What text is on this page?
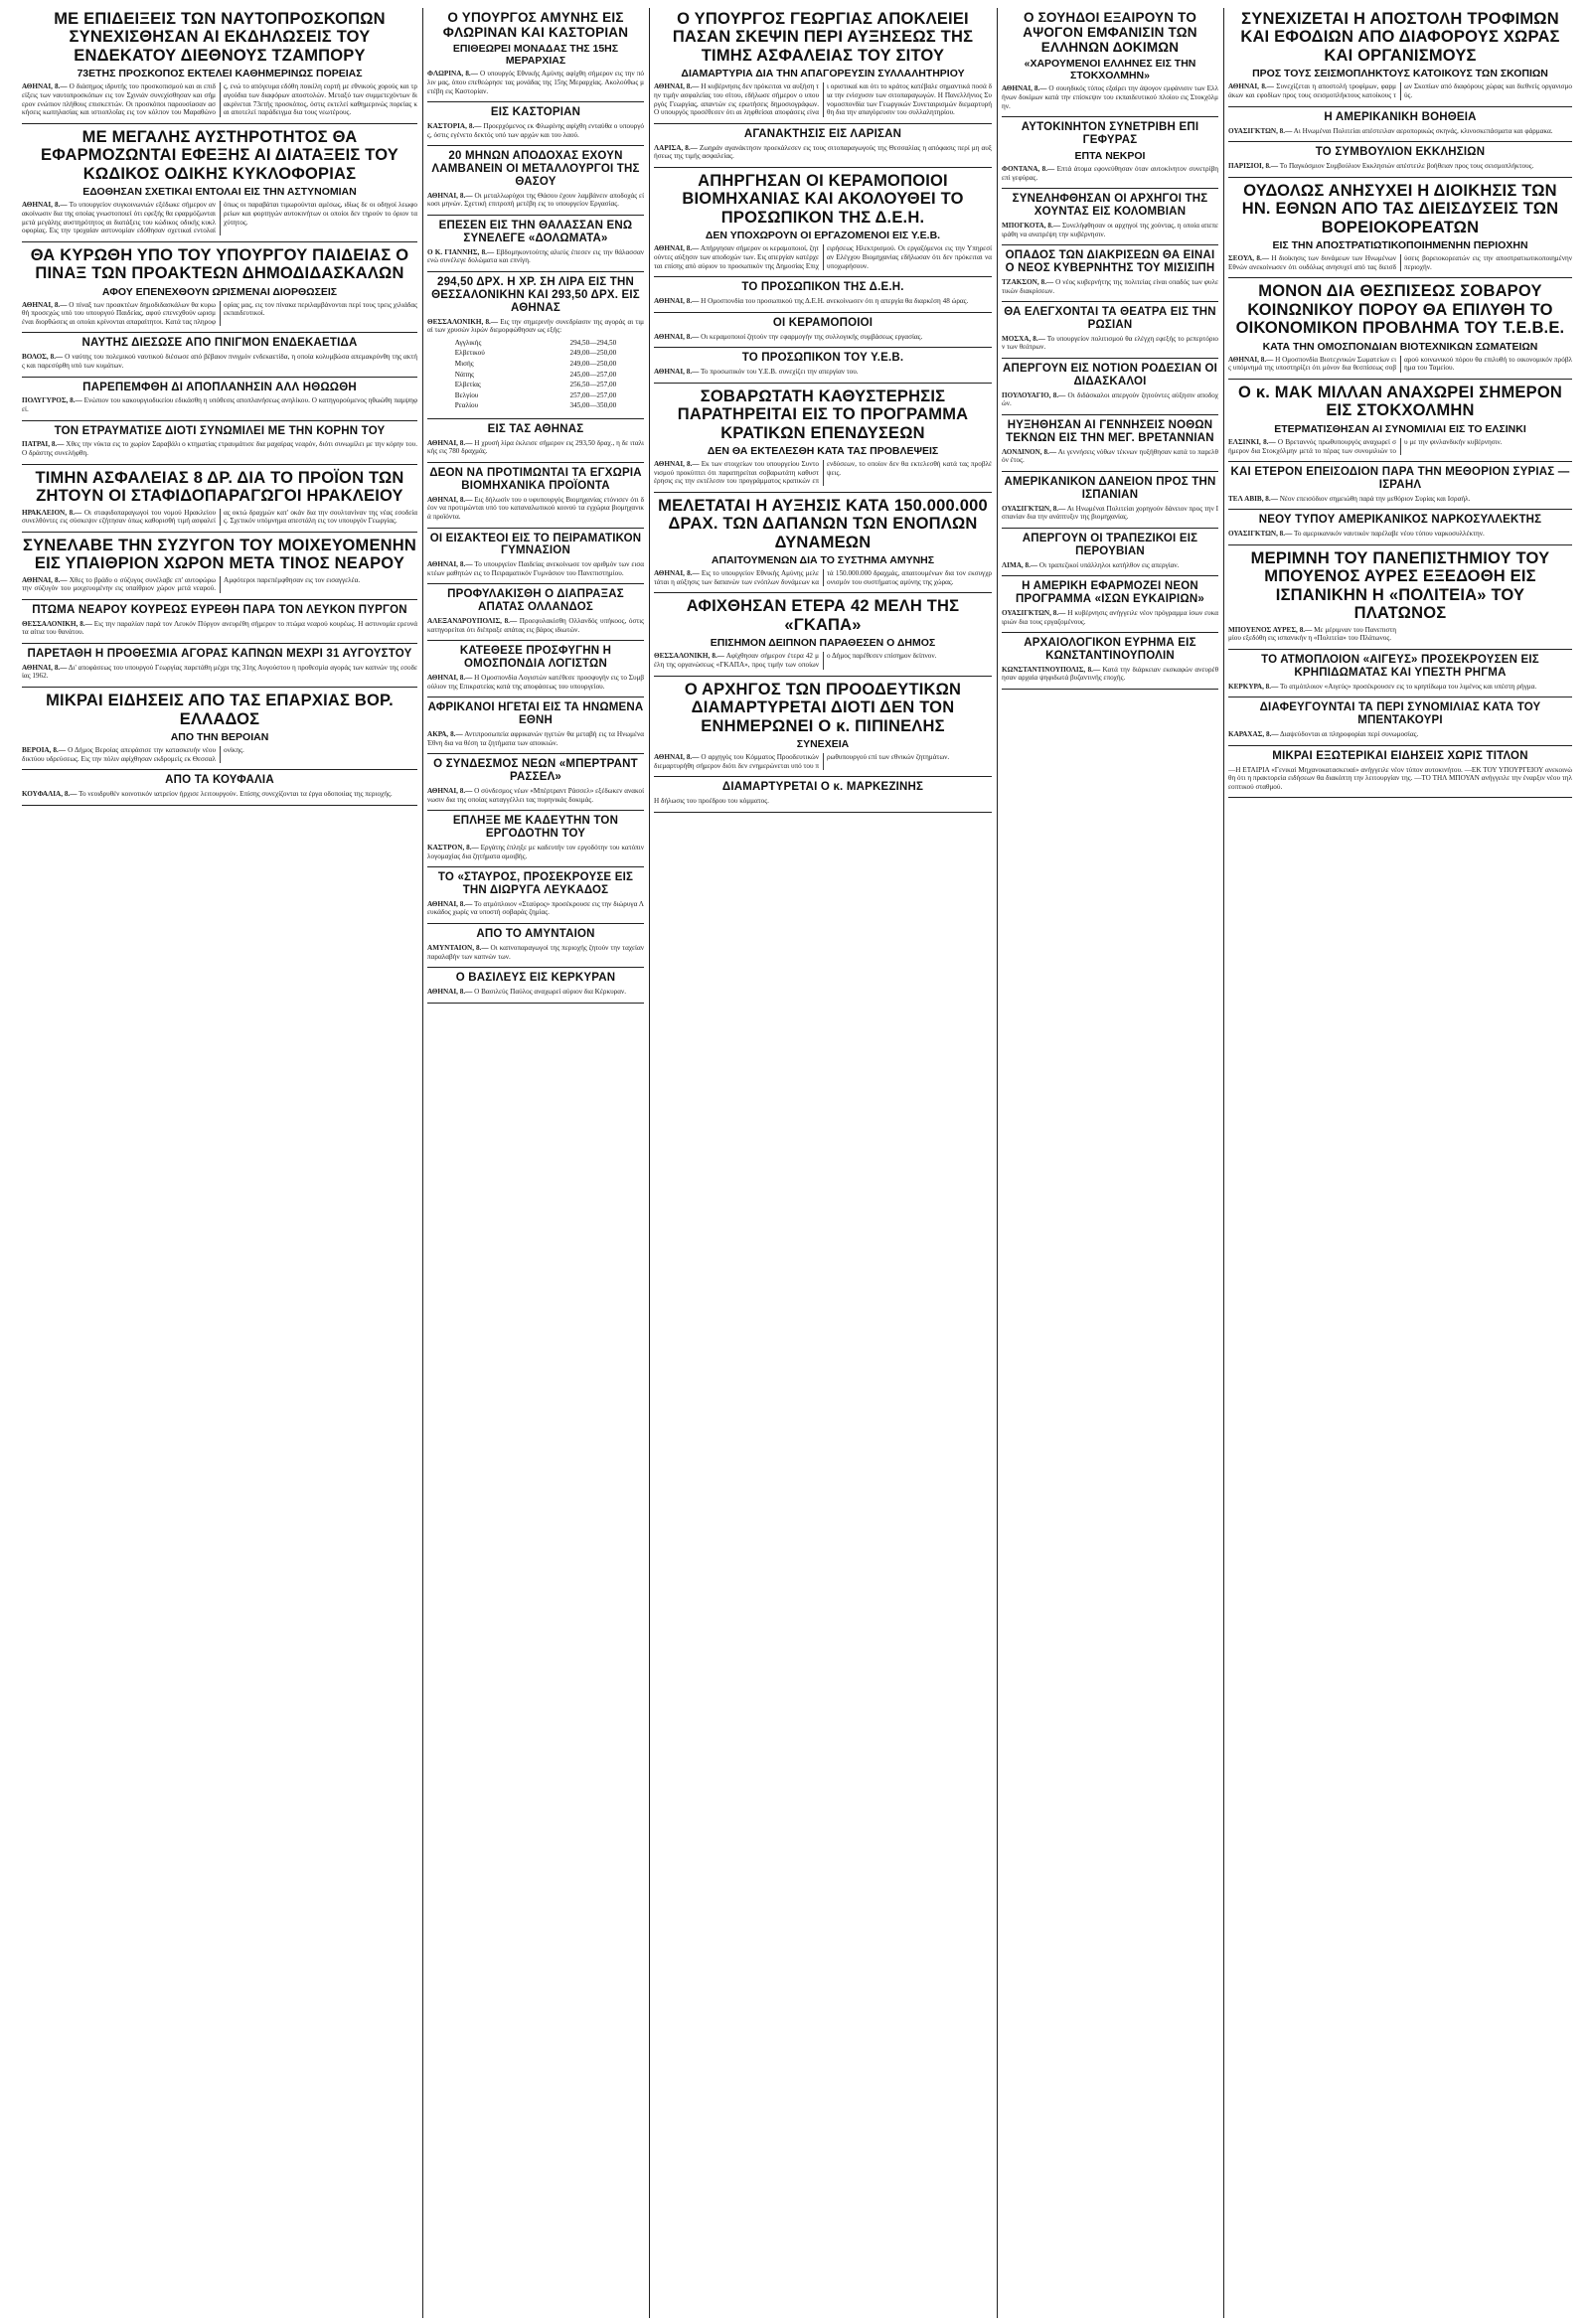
ΜΕ ΕΠΙΔΕΙΞΕΙΣ ΤΩΝ ΝΑΥΤΟΠΡΟΣΚΟΠΩΝ ΣΥΝΕΧΙΣΘΗΣΑΝ ΑΙ ΕΚΔΗΛΩΣΕΙΣ ΤΟΥ ΕΝΔΕΚΑΤΟΥ ΔΙΕΘΝΟΥΣ ΤΖΑΜΠΟΡΥ
73ΕΤΗΣ ΠΡΟΣΚΟΠΟΣ ΕΚΤΕΛΕΙ ΚΑΘΗΜΕΡΙΝΩΣ ΠΟΡΕΙΑΣ
ΑΘΗΝΑΙ, 8.— Ο διάσημος ιδρυτής του προσκοπισμού και αι επιδείξεις των ναυτοπροσκόπων εις τον Σχινιάν συνεχίσθησαν και σήμερον ενώπιον πλήθους επισκεπτών. Οι προσκόποι παρουσίασαν ασκήσεις κωπηλασίας και ιστιοπλοΐας εις τον κόλπον του Μαραθώνος, ενώ το απόγευμα εδόθη ποικίλη εορτή με εθνικούς χορούς και τραγούδια των διαφόρων αποστολών. Μεταξύ των συμμετεχόντων διακρίνεται 73ετής προσκόπος, όστις εκτελεί καθημερινώς πορείας και αποτελεί παράδειγμα δια τους νεωτέρους.
ΜΕ ΜΕΓΑΛΗΣ ΑΥΣΤΗΡΟΤΗΤΟΣ ΘΑ ΕΦΑΡΜΟΖΩΝΤΑΙ ΕΦΕΞΗΣ ΑΙ ΔΙΑΤΑΞΕΙΣ ΤΟΥ ΚΩΔΙΚΟΣ ΟΔΙΚΗΣ ΚΥΚΛΟΦΟΡΙΑΣ
ΕΔΟΘΗΣΑΝ ΣΧΕΤΙΚΑΙ ΕΝΤΟΛΑΙ ΕΙΣ ΤΗΝ ΑΣΤΥΝΟΜΙΑΝ
ΑΘΗΝΑΙ, 8.— Το υπουργείον συγκοινωνιών εξέδωκε σήμερον ανακοίνωσιν δια της οποίας γνωστοποιεί ότι εφεξής θα εφαρμόζωνται μετά μεγάλης αυστηρότητος αι διατάξεις του κώδικος οδικής κυκλοφορίας. Εις την τροχαίαν αστυνομίαν εδόθησαν σχετικαί εντολαί όπως οι παραβάται τιμωρούνται αμέσως, ιδίως δε οι οδηγοί λεωφορείων και φορτηγών αυτοκινήτων οι οποίοι δεν τηρούν το όριον ταχύτητος.
ΘΑ ΚΥΡΩΘΗ ΥΠΟ ΤΟΥ ΥΠΟΥΡΓΟΥ ΠΑΙΔΕΙΑΣ Ο ΠΙΝΑΞ ΤΩΝ ΠΡΟΑΚΤΕΩΝ ΔΗΜΟΔΙΔΑΣΚΑΛΩΝ
ΑΦΟΥ ΕΠΕΝΕΧΘΟΥΝ ΩΡΙΣΜΕΝΑΙ ΔΙΟΡΘΩΣΕΙΣ
ΑΘΗΝΑΙ, 8.— Ο πίναξ των προακτέων δημοδιδασκάλων θα κυρωθή προσεχώς υπό του υπουργού Παιδείας, αφού επενεχθούν ωρισμέναι διορθώσεις αι οποίαι κρίνονται απαραίτητοι. Κατά τας πληροφορίας μας, εις τον πίνακα περιλαμβάνονται περί τους τρεις χιλιάδας εκπαιδευτικοί.
ΝΑΥΤΗΣ ΔΙΕΣΩΣΕ ΑΠΟ ΠΝΙΓΜΟΝ ΕΝΔΕΚΑΕΤΙΔΑ
ΒΟΛΟΣ, 8.— Ο ναύτης του πολεμικού ναυτικού διέσωσε από βέβαιον πνιγμόν ενδεκαετίδα, η οποία κολυμβώσα απεμακρύνθη της ακτής και παρεσύρθη υπό των κυμάτων.
ΠΑΡΕΠΕΜΦΘΗ ΔΙ ΑΠΟΠΛΑΝΗΣΙΝ ΑΛΛ ΗΘΩΩΘΗ
ΠΟΛΥΓΥΡΟΣ, 8.— Ενώπιον του κακουργιοδικείου εδικάσθη η υπόθεσις αποπλανήσεως ανηλίκου. Ο κατηγορούμενος ηθωώθη παμψηφεί.
ΤΟΝ ΕΤΡΑΥΜΑΤΙΣΕ ΔΙΟΤΙ ΣΥΝΩΜΙΛΕΙ ΜΕ ΤΗΝ ΚΟΡΗΝ ΤΟΥ
ΠΑΤΡΑΙ, 8.— Χθες την νύκτα εις το χωρίον Σαραβάλι ο κτηματίας ετραυμάτισε δια μαχαίρας νεαρόν, διότι συνωμίλει με την κόρην του. Ο δράστης συνελήφθη.
ΤΙΜΗΝ ΑΣΦΑΛΕΙΑΣ 8 ΔΡ. ΔΙΑ ΤΟ ΠΡΟΪΟΝ ΤΩΝ ΖΗΤΟΥΝ ΟΙ ΣΤΑΦΙΔΟΠΑΡΑΓΩΓΟΙ ΗΡΑΚΛΕΙΟΥ
ΗΡΑΚΛΕΙΟΝ, 8.— Οι σταφιδοπαραγωγοί του νομού Ηρακλείου συνελθόντες εις σύσκεψιν εζήτησαν όπως καθορισθή τιμή ασφαλείας οκτώ δραχμών κατ' οκάν δια την σουλτανίναν της νέας εσοδείας. Σχετικόν υπόμνημα απεστάλη εις τον υπουργόν Γεωργίας.
ΣΥΝΕΛΑΒΕ ΤΗΝ ΣΥΖΥΓΟΝ ΤΟΥ ΜΟΙΧΕΥΟΜΕΝΗΝ ΕΙΣ ΥΠΑΙΘΡΙΟΝ ΧΩΡΟΝ ΜΕΤΑ ΤΙΝΟΣ ΝΕΑΡΟΥ
ΑΘΗΝΑΙ, 8.— Χθες το βράδυ ο σύζυγος συνέλαβε επ' αυτοφώρω την σύζυγόν του μοιχευομένην εις υπαίθριον χώρον μετά νεαρού. Αμφότεροι παρεπέμφθησαν εις τον εισαγγελέα.
ΠΤΩΜΑ ΝΕΑΡΟΥ ΚΟΥΡΕΩΣ ΕΥΡΕΘΗ ΠΑΡΑ ΤΟΝ ΛΕΥΚΟΝ ΠΥΡΓΟΝ
ΘΕΣΣΑΛΟΝΙΚΗ, 8.— Εις την παραλίαν παρά τον Λευκόν Πύργον ανευρέθη σήμερον το πτώμα νεαρού κουρέως. Η αστυνομία ερευνά τα αίτια του θανάτου.
ΠΑΡΕΤΑΘΗ Η ΠΡΟΘΕΣΜΙΑ ΑΓΟΡΑΣ ΚΑΠΝΩΝ ΜΕΧΡΙ 31 ΑΥΓΟΥΣΤΟΥ
ΑΘΗΝΑΙ, 8.— Δι' αποφάσεως του υπουργού Γεωργίας παρετάθη μέχρι της 31ης Αυγούστου η προθεσμία αγοράς των καπνών της εσοδείας 1962.
ΜΙΚΡΑΙ ΕΙΔΗΣΕΙΣ ΑΠΟ ΤΑΣ ΕΠΑΡΧΙΑΣ ΒΟΡ. ΕΛΛΑΔΟΣ
ΑΠΟ ΤΗΝ ΒΕΡΟΙΑΝ
ΒΕΡΟΙΑ, 8.— Ο Δήμος Βεροίας απεφάσισε την κατασκευήν νέου δικτύου υδρεύσεως. Εις την πόλιν αφίχθησαν εκδρομείς εκ Θεσσαλονίκης.
ΑΠΟ ΤΑ ΚΟΥΦΑΛΙΑ
ΚΟΥΦΑΛΙΑ, 8.— Το νεοιδρυθέν κοινοτικόν ιατρείον ήρχισε λειτουργούν. Επίσης συνεχίζονται τα έργα οδοποιίας της περιοχής.
Ο ΥΠΟΥΡΓΟΣ ΑΜΥΝΗΣ ΕΙΣ ΦΛΩΡΙΝΑΝ ΚΑΙ ΚΑΣΤΟΡΙΑΝ
ΕΠΙΘΕΩΡΕΙ ΜΟΝΑΔΑΣ ΤΗΣ 15ΗΣ ΜΕΡΑΡΧΙΑΣ
ΦΛΩΡΙΝΑ, 8.— Ο υπουργός Εθνικής Αμύνης αφίχθη σήμερον εις την πόλιν μας, όπου επεθεώρησε τας μονάδας της 15ης Μεραρχίας. Ακολούθως μετέβη εις Καστορίαν.
ΕΙΣ ΚΑΣΤΟΡΙΑΝ
ΚΑΣΤΟΡΙΑ, 8.— Προερχόμενος εκ Φλωρίνης αφίχθη ενταύθα ο υπουργός, όστις εγένετο δεκτός υπό των αρχών και του λαού.
20 ΜΗΝΩΝ ΑΠΟΔΟΧΑΣ ΕΧΟΥΝ ΛΑΜΒΑΝΕΙΝ ΟΙ ΜΕΤΑΛΛΟΥΡΓΟΙ ΤΗΣ ΘΑΣΟΥ
ΑΘΗΝΑΙ, 8.— Οι μεταλλωρύχοι της Θάσου έχουν λαμβάνειν αποδοχάς είκοσι μηνών. Σχετική επιτροπή μετέβη εις το υπουργείον Εργασίας.
ΕΠΕΣΕΝ ΕΙΣ ΤΗΝ ΘΑΛΑΣΣΑΝ ΕΝΩ ΣΥΝΕΛΕΓΕ «ΔΟΛΩΜΑΤΑ»
Ο Κ. ΓΙΑΝΝΗΣ, 8.— Εβδομηκοντούτης αλιεύς έπεσεν εις την θάλασσαν ενώ συνέλεγε δολώματα και επνίγη.
294,50 ΔΡΧ. Η ΧΡ. ΣΗ ΛΙΡΑ ΕΙΣ ΤΗΝ ΘΕΣΣΑΛΟΝΙΚΗΝ ΚΑΙ 293,50 ΔΡΧ. ΕΙΣ ΑΘΗΝΑΣ
ΘΕΣΣΑΛΟΝΙΚΗ, 8.— Εις την σημερινήν συνεδρίασιν της αγοράς αι τιμαί των χρυσών λιρών διεμορφώθησαν ως εξής:
Αγγλικής	294,50—294,50
Ελβετικού	249,00—250,00
Μισής	249,00—250,00
Νάπης	245,00—257,00
Ελβετίας	256,50—257,00
Βελγίου	257,00—257,00
Ρεαλίου	345,00—350,00
ΕΙΣ ΤΑΣ ΑΘΗΝΑΣ
ΑΘΗΝΑΙ, 8.— Η χρυσή λίρα έκλεισε σήμερον εις 293,50 δραχ., η δε ιταλικής εις 780 δραχμάς.
ΔΕΟΝ ΝΑ ΠΡΟΤΙΜΩΝΤΑΙ ΤΑ ΕΓΧΩΡΙΑ ΒΙΟΜΗΧΑΝΙΚΑ ΠΡΟΪΟΝΤΑ
ΑΘΗΝΑΙ, 8.— Εις δήλωσίν του ο υφυπουργός Βιομηχανίας ετόνισεν ότι δέον να προτιμώνται υπό του καταναλωτικού κοινού τα εγχώρια βιομηχανικά προϊόντα.
ΟΙ ΕΙΣΑΚΤΕΟΙ ΕΙΣ ΤΟ ΠΕΙΡΑΜΑΤΙΚΟΝ ΓΥΜΝΑΣΙΟΝ
ΑΘΗΝΑΙ, 8.— Το υπουργείον Παιδείας ανεκοίνωσε τον αριθμόν των εισακτέων μαθητών εις το Πειραματικόν Γυμνάσιον του Πανεπιστημίου.
ΠΡΟΦΥΛΑΚΙΣΘΗ Ο ΔΙΑΠΡΑΞΑΣ ΑΠΑΤΑΣ ΟΛΛΑΝΔΟΣ
ΑΛΕΞΑΝΔΡΟΥΠΟΛΙΣ, 8.— Προεφυλακίσθη Ολλανδός υπήκοος, όστις κατηγορείται ότι διέπραξε απάτας εις βάρος ιδιωτών.
ΚΑΤΕΘΕΣΕ ΠΡΟΣΦΥΓΗΝ Η ΟΜΟΣΠΟΝΔΙΑ ΛΟΓΙΣΤΩΝ
ΑΘΗΝΑΙ, 8.— Η Ομοσπονδία Λογιστών κατέθεσε προσφυγήν εις το Συμβούλιον της Επικρατείας κατά της αποφάσεως του υπουργείου.
ΑΦΡΙΚΑΝΟΙ ΗΓΕΤΑΙ ΕΙΣ ΤΑ ΗΝΩΜΕΝΑ ΕΘΝΗ
ΑΚΡΑ, 8.— Αντιπροσωπεία αφρικανών ηγετών θα μεταβή εις τα Ηνωμένα Έθνη δια να θέση τα ζητήματα των αποικιών.
Ο ΣΥΝΔΕΣΜΟΣ ΝΕΩΝ «ΜΠΕΡΤΡΑΝΤ ΡΑΣΣΕΛ»
ΑΘΗΝΑΙ, 8.— Ο σύνδεσμος νέων «Μπέρτραντ Ράσσελ» εξέδωκεν ανακοίνωσιν δια της οποίας καταγγέλλει τας πυρηνικάς δοκιμάς.
ΕΠΛΗΞΕ ΜΕ ΚΑΔΕΥΤΗΝ ΤΟΝ ΕΡΓΟΔΟΤΗΝ ΤΟΥ
ΚΑΣΤΡΟΝ, 8.— Εργάτης έπληξε με καδευτήν τον εργοδότην του κατόπιν λογομαχίας δια ζητήματα αμοιβής.
ΤΟ «ΣΤΑΥΡΟΣ, ΠΡΟΣΕΚΡΟΥΣΕ ΕΙΣ ΤΗΝ ΔΙΩΡΥΓΑ ΛΕΥΚΑΔΟΣ
ΑΘΗΝΑΙ, 8.— Το ατμόπλοιον «Σταύρος» προσέκρουσε εις την διώρυγα Λευκάδος χωρίς να υποστή σοβαράς ζημίας.
ΑΠΟ ΤΟ ΑΜΥΝΤΑΙΟΝ
ΑΜΥΝΤΑΙΟΝ, 8.— Οι καπνοπαραγωγοί της περιοχής ζητούν την ταχείαν παραλαβήν των καπνών των.
Ο ΒΑΣΙΛΕΥΣ ΕΙΣ ΚΕΡΚΥΡΑΝ
ΑΘΗΝΑΙ, 8.— Ο Βασιλεύς Παύλος αναχωρεί αύριον δια Κέρκυραν.
Ο ΥΠΟΥΡΓΟΣ ΓΕΩΡΓΙΑΣ ΑΠΟΚΛΕΙΕΙ ΠΑΣΑΝ ΣΚΕΨΙΝ ΠΕΡΙ ΑΥΞΗΣΕΩΣ ΤΗΣ ΤΙΜΗΣ ΑΣΦΑΛΕΙΑΣ ΤΟΥ ΣΙΤΟΥ
ΔΙΑΜΑΡΤΥΡΙΑ ΔΙΑ ΤΗΝ ΑΠΑΓΟΡΕΥΣΙΝ ΣΥΛΛΑΛΗΤΗΡΙΟΥ
ΑΘΗΝΑΙ, 8.— Η κυβέρνησις δεν πρόκειται να αυξήση την τιμήν ασφαλείας του σίτου, εδήλωσε σήμερον ο υπουργός Γεωργίας, απαντών εις ερωτήσεις δημοσιογράφων. Ο υπουργός προσέθεσεν ότι αι ληφθείσαι αποφάσεις είναι οριστικαί και ότι το κράτος κατέβαλε σημαντικά ποσά δια την ενίσχυσιν των σιτοπαραγωγών. Η Πανελλήνιος Συνομοσπονδία των Γεωργικών Συνεταιρισμών διεμαρτυρήθη δια την απαγόρευσιν του συλλαλητηρίου.
ΑΓΑΝΑΚΤΗΣΙΣ ΕΙΣ ΛΑΡΙΣΑΝ
ΛΑΡΙΣΑ, 8.— Ζωηράν αγανάκτησιν προεκάλεσεν εις τους σιτοπαραγωγούς της Θεσσαλίας η απόφασις περί μη αυξήσεως της τιμής ασφαλείας.
ΑΠΗΡΓΗΣΑΝ ΟΙ ΚΕΡΑΜΟΠΟΙΟΙ ΒΙΟΜΗΧΑΝΙΑΣ ΚΑΙ ΑΚΟΛΟΥΘΕΙ ΤΟ ΠΡΟΣΩΠΙΚΟΝ ΤΗΣ Δ.Ε.Η.
ΔΕΝ ΥΠΟΧΩΡΟΥΝ ΟΙ ΕΡΓΑΖΟΜΕΝΟΙ ΕΙΣ Υ.Ε.Β.
ΑΘΗΝΑΙ, 8.— Απήργησαν σήμερον οι κεραμοποιοί, ζητούντες αύξησιν των αποδοχών των. Εις απεργίαν κατέρχεται επίσης από αύριον το προσωπικόν της Δημοσίας Επιχειρήσεως Ηλεκτρισμού. Οι εργαζόμενοι εις την Υπηρεσίαν Ελέγχου Βιομηχανίας εδήλωσαν ότι δεν πρόκειται να υποχωρήσουν.
ΤΟ ΠΡΟΣΩΠΙΚΟΝ ΤΗΣ Δ.Ε.Η.
ΑΘΗΝΑΙ, 8.— Η Ομοσπονδία του προσωπικού της Δ.Ε.Η. ανεκοίνωσεν ότι η απεργία θα διαρκέση 48 ώρας.
ΟΙ ΚΕΡΑΜΟΠΟΙΟΙ
ΑΘΗΝΑΙ, 8.— Οι κεραμοποιοί ζητούν την εφαρμογήν της συλλογικής συμβάσεως εργασίας.
ΤΟ ΠΡΟΣΩΠΙΚΟΝ ΤΟΥ Υ.Ε.Β.
ΑΘΗΝΑΙ, 8.— Το προσωπικόν του Υ.Ε.Β. συνεχίζει την απεργίαν του.
ΣΟΒΑΡΩΤΑΤΗ ΚΑΘΥΣΤΕΡΗΣΙΣ ΠΑΡΑΤΗΡΕΙΤΑΙ ΕΙΣ ΤΟ ΠΡΟΓΡΑΜΜΑ ΚΡΑΤΙΚΩΝ ΕΠΕΝΔΥΣΕΩΝ
ΔΕΝ ΘΑ ΕΚΤΕΛΕΣΘΗ ΚΑΤΑ ΤΑΣ ΠΡΟΒΛΕΨΕΙΣ
ΑΘΗΝΑΙ, 8.— Εκ των στοιχείων του υπουργείου Συντονισμού προκύπτει ότι παρατηρείται σοβαρωτάτη καθυστέρησις εις την εκτέλεσιν του προγράμματος κρατικών επενδύσεων, το οποίον δεν θα εκτελεσθή κατά τας προβλέψεις.
ΜΕΛΕΤΑΤΑΙ Η ΑΥΞΗΣΙΣ ΚΑΤΑ 150.000.000 ΔΡΑΧ. ΤΩΝ ΔΑΠΑΝΩΝ ΤΩΝ ΕΝΟΠΛΩΝ ΔΥΝΑΜΕΩΝ
ΑΠΑΙΤΟΥΜΕΝΩΝ ΔΙΑ ΤΟ ΣΥΣΤΗΜΑ ΑΜΥΝΗΣ
ΑΘΗΝΑΙ, 8.— Εις το υπουργείον Εθνικής Αμύνης μελετάται η αύξησις των δαπανών των ενόπλων δυνάμεων κατά 150.000.000 δραχμάς, απαιτουμένων δια τον εκσυγχρονισμόν του συστήματος αμύνης της χώρας.
ΑΦΙΧΘΗΣΑΝ ΕΤΕΡΑ 42 ΜΕΛΗ ΤΗΣ «ΓΚΑΠΑ»
ΕΠΙΣΗΜΟΝ ΔΕΙΠΝΟΝ ΠΑΡΑΘΕΣΕΝ Ο ΔΗΜΟΣ
ΘΕΣΣΑΛΟΝΙΚΗ, 8.— Αφίχθησαν σήμερον έτερα 42 μέλη της οργανώσεως «ΓΚΑΠΑ», προς τιμήν των οποίων ο Δήμος παρέθεσεν επίσημον δείπνον.
Ο ΑΡΧΗΓΟΣ ΤΩΝ ΠΡΟΟΔΕΥΤΙΚΩΝ ΔΙΑΜΑΡΤΥΡΕΤΑΙ ΔΙΟΤΙ ΔΕΝ ΤΟΝ ΕΝΗΜΕΡΩΝΕΙ Ο κ. ΠΙΠΙΝΕΛΗΣ
ΣΥΝΕΧΕΙΑ
ΑΘΗΝΑΙ, 8.— Ο αρχηγός του Κόμματος Προοδευτικών διεμαρτυρήθη σήμερον διότι δεν ενημερώνεται υπό του πρωθυπουργού επί των εθνικών ζητημάτων.
ΔΙΑΜΑΡΤΥΡΕΤΑΙ Ο κ. ΜΑΡΚΕΖΙΝΗΣ
Η δήλωσις του προέδρου του κόμματος.
Ο ΣΟΥΗΔΟΙ ΕΞΑΙΡΟΥΝ ΤΟ ΑΨΟΓΟΝ ΕΜΦΑΝΙΣΙΝ ΤΩΝ ΕΛΛΗΝΩΝ ΔΟΚΙΜΩΝ
«ΧΑΡΟΥΜΕΝΟΙ ΕΛΛΗΝΕΣ ΕΙΣ ΤΗΝ ΣΤΟΚΧΟΛΜΗΝ»
ΑΘΗΝΑΙ, 8.— Ο σουηδικός τύπος εξαίρει την άψογον εμφάνισιν των Ελλήνων δοκίμων κατά την επίσκεψιν του εκπαιδευτικού πλοίου εις Στοκχόλμην.
ΑΥΤΟΚΙΝΗΤΟΝ ΣΥΝΕΤΡΙΒΗ ΕΠΙ ΓΕΦΥΡΑΣ
ΕΠΤΑ ΝΕΚΡΟΙ
ΦΟΝΤΑΝΑ, 8.— Επτά άτομα εφονεύθησαν όταν αυτοκίνητον συνετρίβη επί γεφύρας.
ΣΥΝΕΛΗΦΘΗΣΑΝ ΟΙ ΑΡΧΗΓΟΙ ΤΗΣ ΧΟΥΝΤΑΣ ΕΙΣ ΚΟΛΟΜΒΙΑΝ
ΜΠΟΓΚΟΤΑ, 8.— Συνελήφθησαν οι αρχηγοί της χούντας, η οποία απεπειράθη να ανατρέψη την κυβέρνησιν.
ΟΠΑΔΟΣ ΤΩΝ ΔΙΑΚΡΙΣΕΩΝ ΘΑ ΕΙΝΑΙ Ο ΝΕΟΣ ΚΥΒΕΡΝΗΤΗΣ ΤΟΥ ΜΙΣΙΣΙΠΗ
ΤΖΑΚΣΟΝ, 8.— Ο νέος κυβερνήτης της πολιτείας είναι οπαδός των φυλετικών διακρίσεων.
ΘΑ ΕΛΕΓΧΟΝΤΑΙ ΤΑ ΘΕΑΤΡΑ ΕΙΣ ΤΗΝ ΡΩΣΙΑΝ
ΜΟΣΧΑ, 8.— Το υπουργείον πολιτισμού θα ελέγχη εφεξής το ρεπερτόριον των θεάτρων.
ΑΠΕΡΓΟΥΝ ΕΙΣ ΝΟΤΙΟΝ ΡΟΔΕΣΙΑΝ ΟΙ ΔΙΔΑΣΚΑΛΟΙ
ΠΟΥΛΟΥΑΓΙΟ, 8.— Οι διδάσκαλοι απεργούν ζητούντες αύξησιν αποδοχών.
ΗΥΞΗΘΗΣΑΝ ΑΙ ΓΕΝΝΗΣΕΙΣ ΝΟΘΩΝ ΤΕΚΝΩΝ ΕΙΣ ΤΗΝ ΜΕΓ. ΒΡΕΤΑΝΝΙΑΝ
ΛΟΝΔΙΝΟΝ, 8.— Αι γεννήσεις νόθων τέκνων ηυξήθησαν κατά το παρελθόν έτος.
ΑΜΕΡΙΚΑΝΙΚΟΝ ΔΑΝΕΙΟΝ ΠΡΟΣ ΤΗΝ ΙΣΠΑΝΙΑΝ
ΟΥΑΣΙΓΚΤΩΝ, 8.— Αι Ηνωμέναι Πολιτείαι χορηγούν δάνειον προς την Ισπανίαν δια την ανάπτυξιν της βιομηχανίας.
ΑΠΕΡΓΟΥΝ ΟΙ ΤΡΑΠΕΖΙΚΟΙ ΕΙΣ ΠΕΡΟΥΒΙΑΝ
ΛΙΜΑ, 8.— Οι τραπεζικοί υπάλληλοι κατήλθον εις απεργίαν.
Η ΑΜΕΡΙΚΗ ΕΦΑΡΜΟΖΕΙ ΝΕΟΝ ΠΡΟΓΡΑΜΜΑ «ΙΣΩΝ ΕΥΚΑΙΡΙΩΝ»
ΟΥΑΣΙΓΚΤΩΝ, 8.— Η κυβέρνησις ανήγγειλε νέον πρόγραμμα ίσων ευκαιριών δια τους εργαζομένους.
ΑΡΧΑΙΟΛΟΓΙΚΟΝ ΕΥΡΗΜΑ ΕΙΣ ΚΩΝΣΤΑΝΤΙΝΟΥΠΟΛΙΝ
ΚΩΝΣΤΑΝΤΙΝΟΥΠΟΛΙΣ, 8.— Κατά την διάρκειαν εκσκαφών ανευρέθησαν αρχαία ψηφιδωτά βυζαντινής εποχής.
ΣΥΝΕΧΙΖΕΤΑΙ Η ΑΠΟΣΤΟΛΗ ΤΡΟΦΙΜΩΝ ΚΑΙ ΕΦΟΔΙΩΝ ΑΠΟ ΔΙΑΦΟΡΟΥΣ ΧΩΡΑΣ ΚΑΙ ΟΡΓΑΝΙΣΜΟΥΣ
ΠΡΟΣ ΤΟΥΣ ΣΕΙΣΜΟΠΛΗΚΤΟΥΣ ΚΑΤΟΙΚΟΥΣ ΤΩΝ ΣΚΟΠΙΩΝ
ΑΘΗΝΑΙ, 8.— Συνεχίζεται η αποστολή τροφίμων, φαρμάκων και εφοδίων προς τους σεισμοπλήκτους κατοίκους των Σκοπίων από διαφόρους χώρας και διεθνείς οργανισμούς.
Η ΑΜΕΡΙΚΑΝΙΚΗ ΒΟΗΘΕΙΑ
ΟΥΑΣΙΓΚΤΩΝ, 8.— Αι Ηνωμέναι Πολιτείαι απέστειλαν αεροπορικώς σκηνάς, κλινοσκεπάσματα και φάρμακα.
ΤΟ ΣΥΜΒΟΥΛΙΟΝ ΕΚΚΛΗΣΙΩΝ
ΠΑΡΙΣΙΟΙ, 8.— Το Παγκόσμιον Συμβούλιον Εκκλησιών απέστειλε βοήθειαν προς τους σεισμοπλήκτους.
ΟΥΔΟΛΩΣ ΑΝΗΣΥΧΕΙ Η ΔΙΟΙΚΗΣΙΣ ΤΩΝ ΗΝ. ΕΘΝΩΝ ΑΠΟ ΤΑΣ ΔΙΕΙΣΔΥΣΕΙΣ ΤΩΝ ΒΟΡΕΙΟΚΟΡΕΑΤΩΝ
ΕΙΣ ΤΗΝ ΑΠΟΣΤΡΑΤΙΩΤΙΚΟΠΟΙΗΜΕΝΗΝ ΠΕΡΙΟΧΗΝ
ΣΕΟΥΛ, 8.— Η διοίκησις των δυνάμεων των Ηνωμένων Εθνών ανεκοίνωσεν ότι ουδόλως ανησυχεί από τας διεισδύσεις βορειοκορεατών εις την αποστρατιωτικοποιημένην περιοχήν.
ΜΟΝΟΝ ΔΙΑ ΘΕΣΠΙΣΕΩΣ ΣΟΒΑΡΟΥ ΚΟΙΝΩΝΙΚΟΥ ΠΟΡΟΥ ΘΑ ΕΠΙΛΥΘΗ ΤΟ ΟΙΚΟΝΟΜΙΚΟΝ ΠΡΟΒΛΗΜΑ ΤΟΥ Τ.Ε.Β.Ε.
ΚΑΤΑ ΤΗΝ ΟΜΟΣΠΟΝΔΙΑΝ ΒΙΟΤΕΧΝΙΚΩΝ ΣΩΜΑΤΕΙΩΝ
ΑΘΗΝΑΙ, 8.— Η Ομοσπονδία Βιοτεχνικών Σωματείων εις υπόμνημά της υποστηρίζει ότι μόνον δια θεσπίσεως σοβαρού κοινωνικού πόρου θα επιλυθή το οικονομικόν πρόβλημα του Ταμείου.
Ο κ. ΜΑΚ ΜΙΛΛΑΝ ΑΝΑΧΩΡΕΙ ΣΗΜΕΡΟΝ ΕΙΣ ΣΤΟΚΧΟΛΜΗΝ
ΕΤΕΡΜΑΤΙΣΘΗΣΑΝ ΑΙ ΣΥΝΟΜΙΛΙΑΙ ΕΙΣ ΤΟ ΕΛΣΙΝΚΙ
ΕΛΣΙΝΚΙ, 8.— Ο Βρεταννός πρωθυπουργός αναχωρεί σήμερον δια Στοκχόλμην μετά το πέρας των συνομιλιών του με την φινλανδικήν κυβέρνησιν.
ΚΑΙ ΕΤΕΡΟΝ ΕΠΕΙΣΟΔΙΟΝ ΠΑΡΑ ΤΗΝ ΜΕΘΟΡΙΟΝ ΣΥΡΙΑΣ — ΙΣΡΑΗΛ
ΤΕΛ ΑΒΙΒ, 8.— Νέον επεισόδιον σημειώθη παρά την μεθόριον Συρίας και Ισραήλ.
ΝΕΟΥ ΤΥΠΟΥ ΑΜΕΡΙΚΑΝΙΚΟΣ ΝΑΡΚΟΣΥΛΛΕΚΤΗΣ
ΟΥΑΣΙΓΚΤΩΝ, 8.— Το αμερικανικόν ναυτικόν παρέλαβε νέου τύπου ναρκοσυλλέκτην.
ΜΕΡΙΜΝΗ ΤΟΥ ΠΑΝΕΠΙΣΤΗΜΙΟΥ ΤΟΥ ΜΠΟΥΕΝΟΣ ΑΥΡΕΣ ΕΞΕΔΟΘΗ ΕΙΣ ΙΣΠΑΝΙΚΗΝ Η «ΠΟΛΙΤΕΙΑ» ΤΟΥ ΠΛΑΤΩΝΟΣ
ΜΠΟΥΕΝΟΣ ΑΥΡΕΣ, 8.— Με μέριμναν του Πανεπιστημίου εξεδόθη εις ισπανικήν η «Πολιτεία» του Πλάτωνος.
ΤΟ ΑΤΜΟΠΛΟΙΟΝ «ΑΙΓΕΥΣ» ΠΡΟΣΕΚΡΟΥΣΕΝ ΕΙΣ ΚΡΗΠΙΔΩΜΑΤΑΣ ΚΑΙ ΥΠΕΣΤΗ ΡΗΓΜΑ
ΚΕΡΚΥΡΑ, 8.— Το ατμόπλοιον «Αιγεύς» προσέκρουσεν εις το κρηπίδωμα του λιμένος και υπέστη ρήγμα.
ΔΙΑΦΕΥΓΟΥΝΤΑΙ ΤΑ ΠΕΡΙ ΣΥΝΟΜΙΛΙΑΣ ΚΑΤΑ ΤΟΥ ΜΠΕΝΤΑΚΟΥΡΙ
ΚΑΡΑΧΑΣ, 8.— Διαψεύδονται αι πληροφορίαι περί συνωμοσίας.
ΜΙΚΡΑΙ ΕΞΩΤΕΡΙΚΑΙ ΕΙΔΗΣΕΙΣ ΧΩΡΙΣ ΤΙΤΛΟΝ
—Η ΕΤΑΙΡΙΑ «Γενικαί Μηχανοκατασκευαί» ανήγγειλε νέον τύπον αυτοκινήτου. —ΕΚ ΤΟΥ ΥΠΟΥΡΓΕΙΟΥ ανεκοινώθη ότι η πρακτορεία ειδήσεων θα διακόπτη την λειτουργίαν της. —ΤΟ ΤΗΛ ΜΠΟΥΑΝ ανήγγειλε την έναρξιν νέου τηλεοπτικού σταθμού.
